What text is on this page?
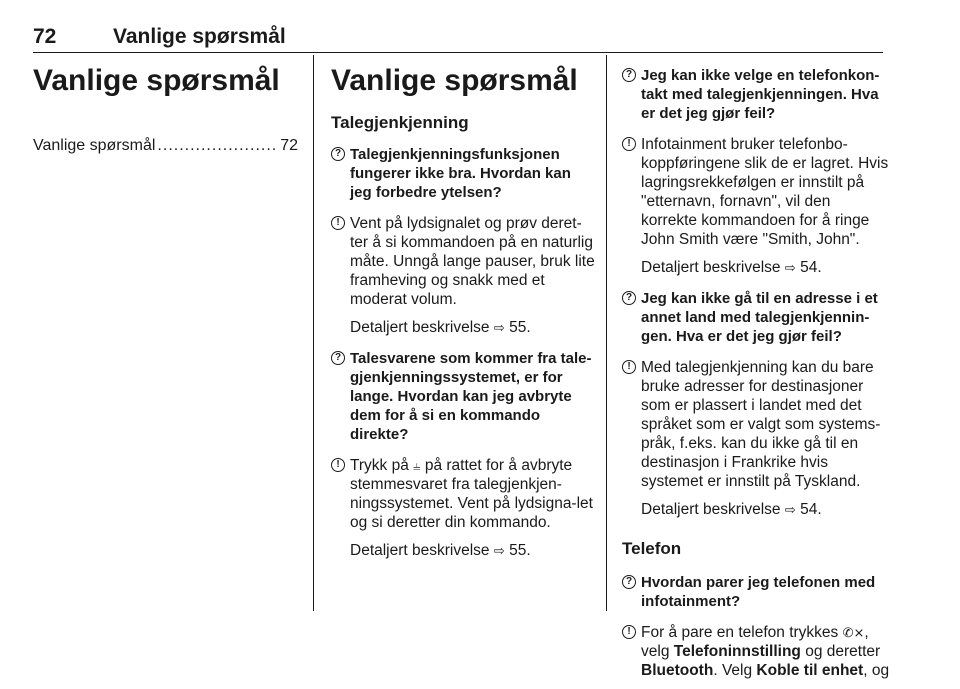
72	Vanlige spørsmål
Vanlige spørsmål
Vanlige spørsmål
.....	72
Vanlige spørsmål
Talegjenkjenning
? Talegjenkjenningsfunksjonen fungerer ikke bra. Hvordan kan jeg forbedre ytelsen?
! Vent på lydsignalet og prøv deret-ter å si kommandoen på en naturlig måte. Unngå lange pauser, bruk lite framheving og snakk med et moderat volum.
Detaljert beskrivelse ⇨ 55.
? Talesvarene som kommer fra tale-gjenkjenningssystemet, er for lange. Hvordan kan jeg avbryte dem for å si en kommando direkte?
! Trykk på ⫨ på rattet for å avbryte stemmesvaret fra talegjenkjen-ningssystemet. Vent på lydsigna-let og si deretter din kommando.
Detaljert beskrivelse ⇨ 55.
? Jeg kan ikke velge en telefonkon-takt med talegjenkjenningen. Hva er det jeg gjør feil?
! Infotainment bruker telefonbo-koppføringene slik de er lagret. Hvis lagringsrekkefølgen er innstilt på "etternavn, fornavn", vil den korrekte kommandoen for å ringe John Smith være "Smith, John".
Detaljert beskrivelse ⇨ 54.
? Jeg kan ikke gå til en adresse i et annet land med talegjenkjennin-gen. Hva er det jeg gjør feil?
! Med talegjenkjenning kan du bare bruke adresser for destinasjoner som er plassert i landet med det språket som er valgt som systems-pråk, f.eks. kan du ikke gå til en destinasjon i Frankrike hvis systemet er innstilt på Tyskland.
Detaljert beskrivelse ⇨ 54.
Telefon
? Hvordan parer jeg telefonen med infotainment?
! For å pare en telefon trykkes ✆⨯, velg Telefoninnstilling og deretter Bluetooth. Velg Koble til enhet, og
